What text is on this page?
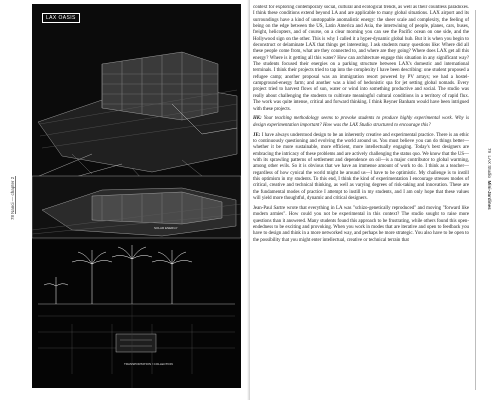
78 Nanci — chapter 2
LAX OASIS
SOLAR ENERGY
TRANSPORTATION / COLLECTION
79  LAX Studio  Mini-Jardines

context for exploring contemporary social, cultural and ecological trends, as well as their countless paradoxes. I think these conditions extend beyond LA and are applicable to many global situations. LAX airport and its surroundings have a kind of unstoppable anomalistic energy: the sheer scale and complexity, the feeling of being on the edge between the US, Latin America and Asia, the intertwining of people, planes, cars, buses, freight, helicopters, and of course, on a clear morning you can see the Pacific ocean on one side, and the Hollywood sign on the other. This is why I called it a hyper-dynamic global hub. But it is when you begin to deconstruct or delaminate LAX that things get interesting. I ask students many questions like: Where did all these people come from, what are they connected to, and where are they going? Where does LAX get all this energy? Where is it getting all this water? How can architecture engage this situation in any significant way? The students focused their energies on a parking structure between LAX's domestic and international terminals. I think their projects tried to tap into the complexity I have been describing: one student proposed a refugee camp; another proposal was an immigration resort powered by PV arrays; we had a hostel-campground-energy farm; and another was a kind of hedonistic spa for jet setting global nomads. Every project tried to harvest flows of sun, water or wind into something productive and social. The studio was really about challenging the students to cultivate meaningful cultural conditions in a territory of rapid flux. The work was quite intense, critical and forward thinking. I think Reyner Banham would have been intrigued with these projects.

HK: Your teaching methodology seems to provoke students to produce highly experimental work. Why is design experimentation important? How was the LAX Studio structured to encourage this?

JE: I have always understood design to be an inherently creative and experimental practice. There is an ethic to continuously questioning and evolving the world around us. You must believe you can do things better—whether it be more sustainable, more efficient, more intellectually engaging. Today's best designers are embracing the intricacy of these problems and are actively challenging the status quo. We know that the US—with its sprawling patterns of settlement and dependence on oil—is a major contributor to global warming, among other evils. So it is obvious that we have an immense amount of work to do. I think as a teacher—regardless of how cynical the world might be around us—I have to be optimistic. My challenge is to instill this optimism in my students. To this end, I think the kind of experimentation I encourage stresses modes of critical, creative and technical thinking, as well as varying degrees of risk-taking and innovation. These are the fundamental modes of practice I attempt to instill in my students, and I am only hope that these values will yield more thoughtful, dynamic and critical designers.

Jean-Paul Sartre wrote that everything in LA was "schizo-genetically reproduced" and moving "forward like modern armies". How could you not be experimental in this context? The studio sought to raise more questions than it answered. Many students found this approach to be frustrating, while others found this open-endedness to be exciting and provoking. When you work in modes that are iterative and open to feedback you have to design and think in a more networked way, and perhaps be more strategic. You also have to be open to the possibility that you might enter intellectual, creative or technical terrain that
